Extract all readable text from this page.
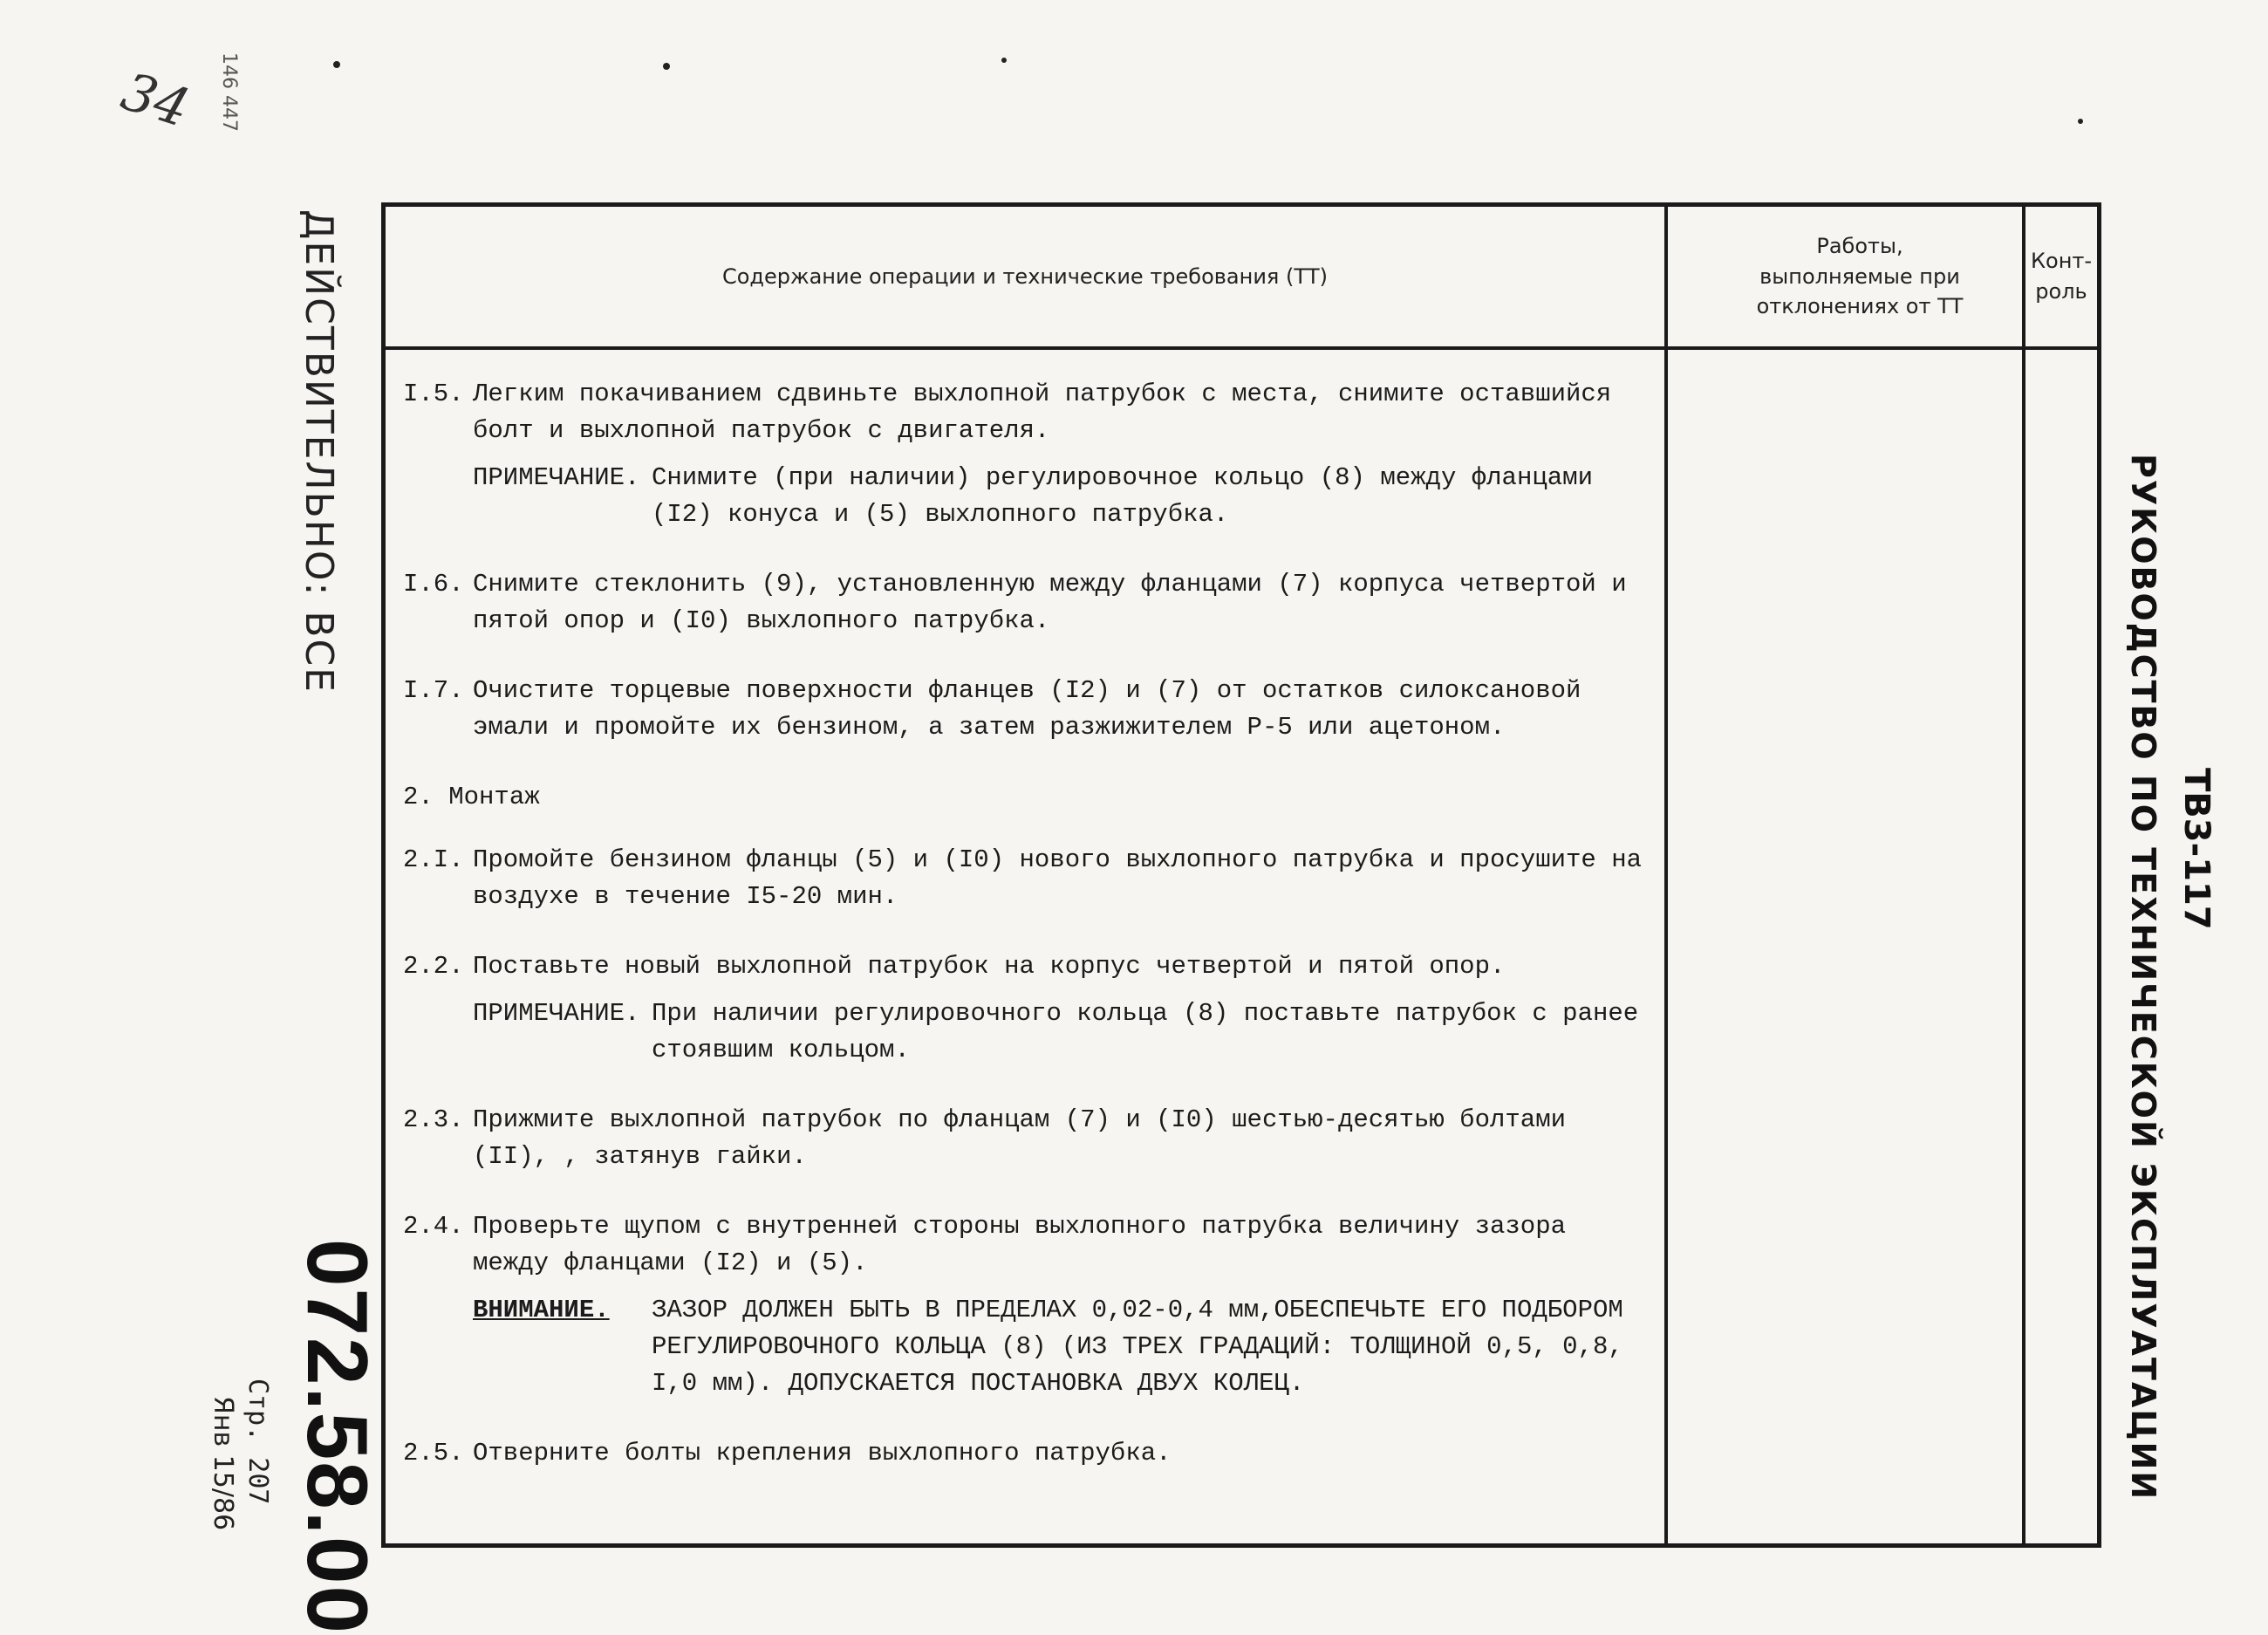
34 146 447
ДЕЙСТВИТЕЛЬНО: ВСЕ
072.58.00
Стр. 207
Янв 15/86
ТВ3-117
РУКОВОДСТВО ПО ТЕХНИЧЕСКОЙ ЭКСПЛУАТАЦИИ
Содержание операции и технические требования (ТТ)
Работы, выполняемые при отклонениях от ТТ
Конт- роль
I.5. Легким покачиванием сдвиньте выхлопной патрубок с места, снимите оставшийся болт и выхлопной патрубок с двигателя.
ПРИМЕЧАНИЕ. Снимите (при наличии) регулировочное кольцо (8) между фланцами (I2) конуса и (5) выхлопного патрубка.
I.6. Снимите стеклонить (9), установленную между фланцами (7) корпуса четвертой и пятой опор и (I0) выхлопного патрубка.
I.7. Очистите торцевые поверхности фланцев (I2) и (7) от остатков силоксановой эмали и промойте их бензином, а затем разжижителем Р-5 или ацетоном.
2. Монтаж
2.I. Промойте бензином фланцы (5) и (I0) нового выхлопного патрубка и просушите на воздухе в течение I5-20 мин.
2.2. Поставьте новый выхлопной патрубок на корпус четвертой и пятой опор.
ПРИМЕЧАНИЕ. При наличии регулировочного кольца (8) поставьте патрубок с ранее стоявшим кольцом.
2.3. Прижмите выхлопной патрубок по фланцам (7) и (I0) шестью-десятью болтами (II), , затянув гайки.
2.4. Проверьте щупом с внутренней стороны выхлопного патрубка величину зазора между фланцами (I2) и (5).
ВНИМАНИЕ.	ЗАЗОР ДОЛЖЕН БЫТЬ В ПРЕДЕЛАХ 0,02-0,4 мм,ОБЕСПЕЧЬТЕ ЕГО ПОДБОРОМ РЕГУЛИРОВОЧНОГО КОЛЬЦА (8) (ИЗ ТРЕХ ГРАДАЦИЙ: ТОЛЩИНОЙ 0,5, 0,8, I,0 мм). ДОПУСКАЕТСЯ ПОСТАНОВКА ДВУХ КОЛЕЦ.
2.5. Отверните болты крепления выхлопного патрубка.
